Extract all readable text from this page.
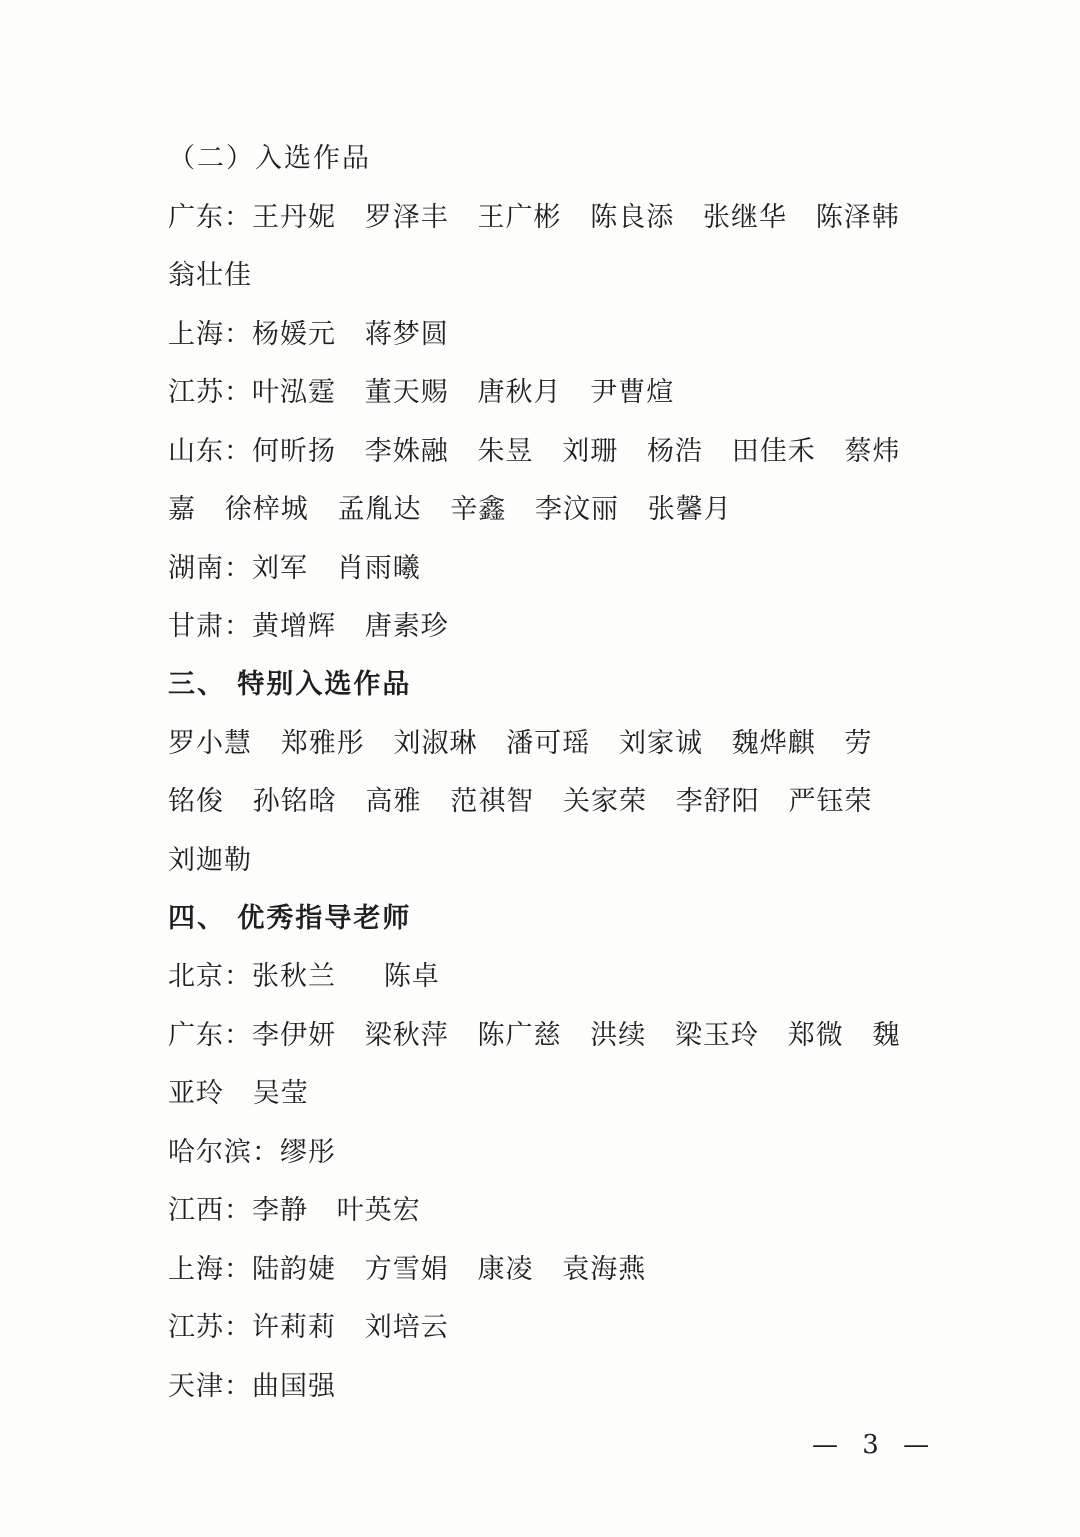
（二）入选作品
广东：王丹妮   罗泽丰   王广彬   陈良添   张继华   陈泽韩
翁壮佳
上海：杨媛元   蒋梦圆
江苏：叶泓霆   董天赐   唐秋月   尹曹煊
山东：何昕扬   李姝融   朱昱   刘珊   杨浩   田佳禾   蔡炜
嘉   徐梓城   孟胤达   辛鑫   李汶丽   张馨月
湖南：刘军   肖雨曦
甘肃：黄增辉   唐素珍
三、 特别入选作品
罗小慧   郑雅彤   刘淑琳   潘可瑶   刘家诚   魏烨麒   劳
铭俊   孙铭晗   高雅   范祺智   关家荣   李舒阳   严钰荣
刘迦勒
四、 优秀指导老师
北京：张秋兰     陈卓
广东：李伊妍   梁秋萍   陈广慈   洪续   梁玉玲   郑微   魏
亚玲   吴莹
哈尔滨：缪彤
江西：李静   叶英宏
上海：陆韵婕   方雪娟   康凌   袁海燕
江苏：许莉莉   刘培云
天津：曲国强
— 3 —
